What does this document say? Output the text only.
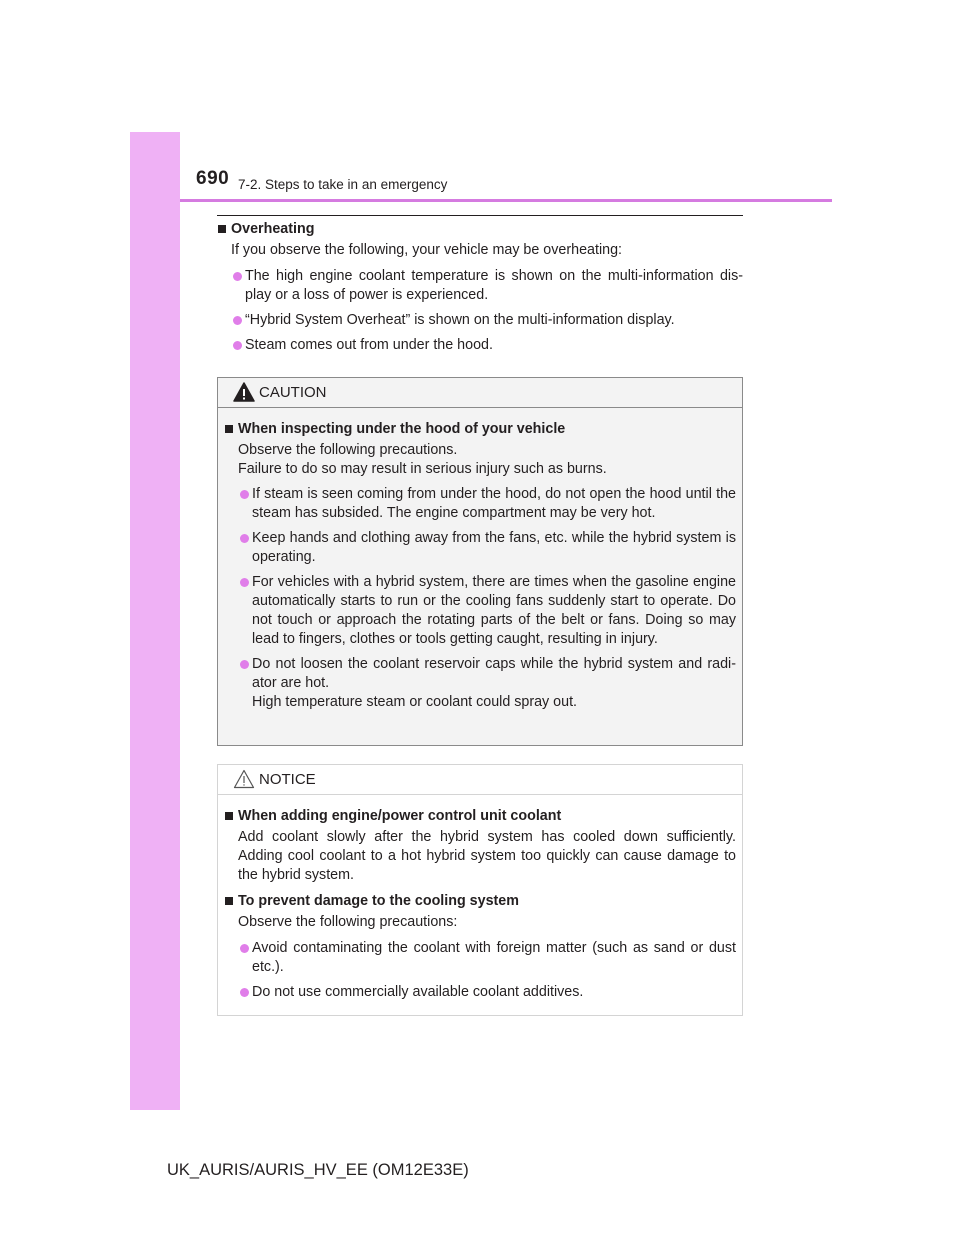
690 7-2. Steps to take in an emergency
Overheating
If you observe the following, your vehicle may be overheating:
The high engine coolant temperature is shown on the multi-information dis-play or a loss of power is experienced.
“Hybrid System Overheat” is shown on the multi-information display.
Steam comes out from under the hood.
CAUTION
When inspecting under the hood of your vehicle
Observe the following precautions.
Failure to do so may result in serious injury such as burns.
If steam is seen coming from under the hood, do not open the hood until the steam has subsided. The engine compartment may be very hot.
Keep hands and clothing away from the fans, etc. while the hybrid system is operating.
For vehicles with a hybrid system, there are times when the gasoline engine automatically starts to run or the cooling fans suddenly start to operate. Do not touch or approach the rotating parts of the belt or fans. Doing so may lead to fingers, clothes or tools getting caught, resulting in injury.
Do not loosen the coolant reservoir caps while the hybrid system and radi-ator are hot.
High temperature steam or coolant could spray out.
NOTICE
When adding engine/power control unit coolant
Add coolant slowly after the hybrid system has cooled down sufficiently. Adding cool coolant to a hot hybrid system too quickly can cause damage to the hybrid system.
To prevent damage to the cooling system
Observe the following precautions:
Avoid contaminating the coolant with foreign matter (such as sand or dust etc.).
Do not use commercially available coolant additives.
UK_AURIS/AURIS_HV_EE (OM12E33E)
